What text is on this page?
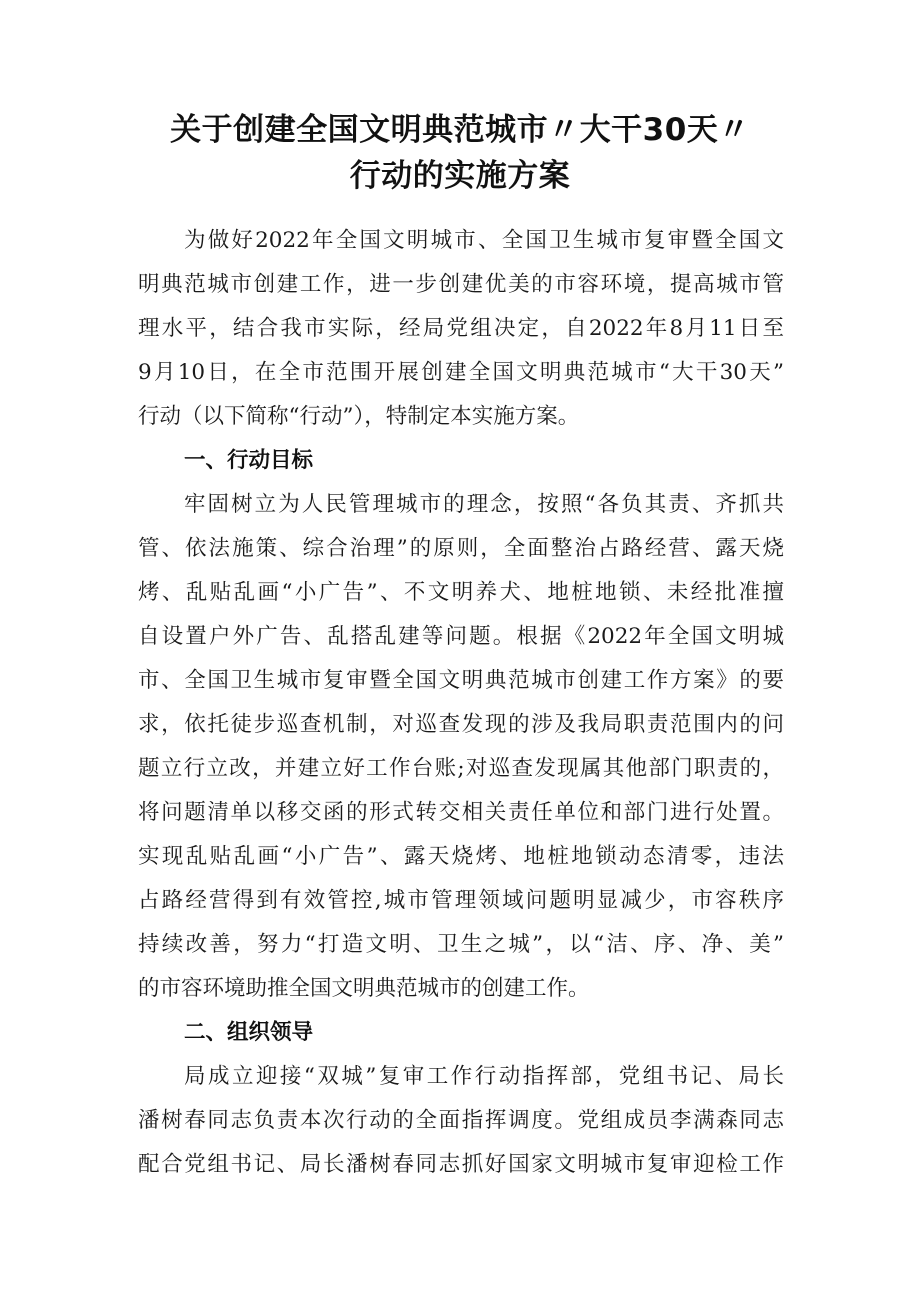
关于创建全国文明典范城市〃大干30天〃
行动的实施方案
为做好2022年全国文明城市、全国卫生城市复审暨全国文
明典范城市创建工作，进一步创建优美的市容环境，提高城市管
理水平，结合我市实际，经局党组决定，自2022年8月11日至
9月10日，在全市范围开展创建全国文明典范城市“大干30天”
行动（以下简称“行动”），特制定本实施方案。
一、行动目标
牢固树立为人民管理城市的理念，按照“各负其责、齐抓共
管、依法施策、综合治理”的原则，全面整治占路经营、露天烧
烤、乱贴乱画“小广告”、不文明养犬、地桩地锁、未经批准擅
自设置户外广告、乱搭乱建等问题。根据《2022年全国文明城
市、全国卫生城市复审暨全国文明典范城市创建工作方案》的要
求，依托徒步巡查机制，对巡查发现的涉及我局职责范围内的问
题立行立改，并建立好工作台账;对巡查发现属其他部门职责的，
将问题清单以移交函的形式转交相关责任单位和部门进行处置。
实现乱贴乱画“小广告”、露天烧烤、地桩地锁动态清零，违法
占路经营得到有效管控,城市管理领域问题明显减少，市容秩序
持续改善，努力“打造文明、卫生之城”，以“洁、序、净、美”
的市容环境助推全国文明典范城市的创建工作。
二、组织领导
局成立迎接“双城”复审工作行动指挥部，党组书记、局长
潘树春同志负责本次行动的全面指挥调度。党组成员李满森同志
配合党组书记、局长潘树春同志抓好国家文明城市复审迎检工作
